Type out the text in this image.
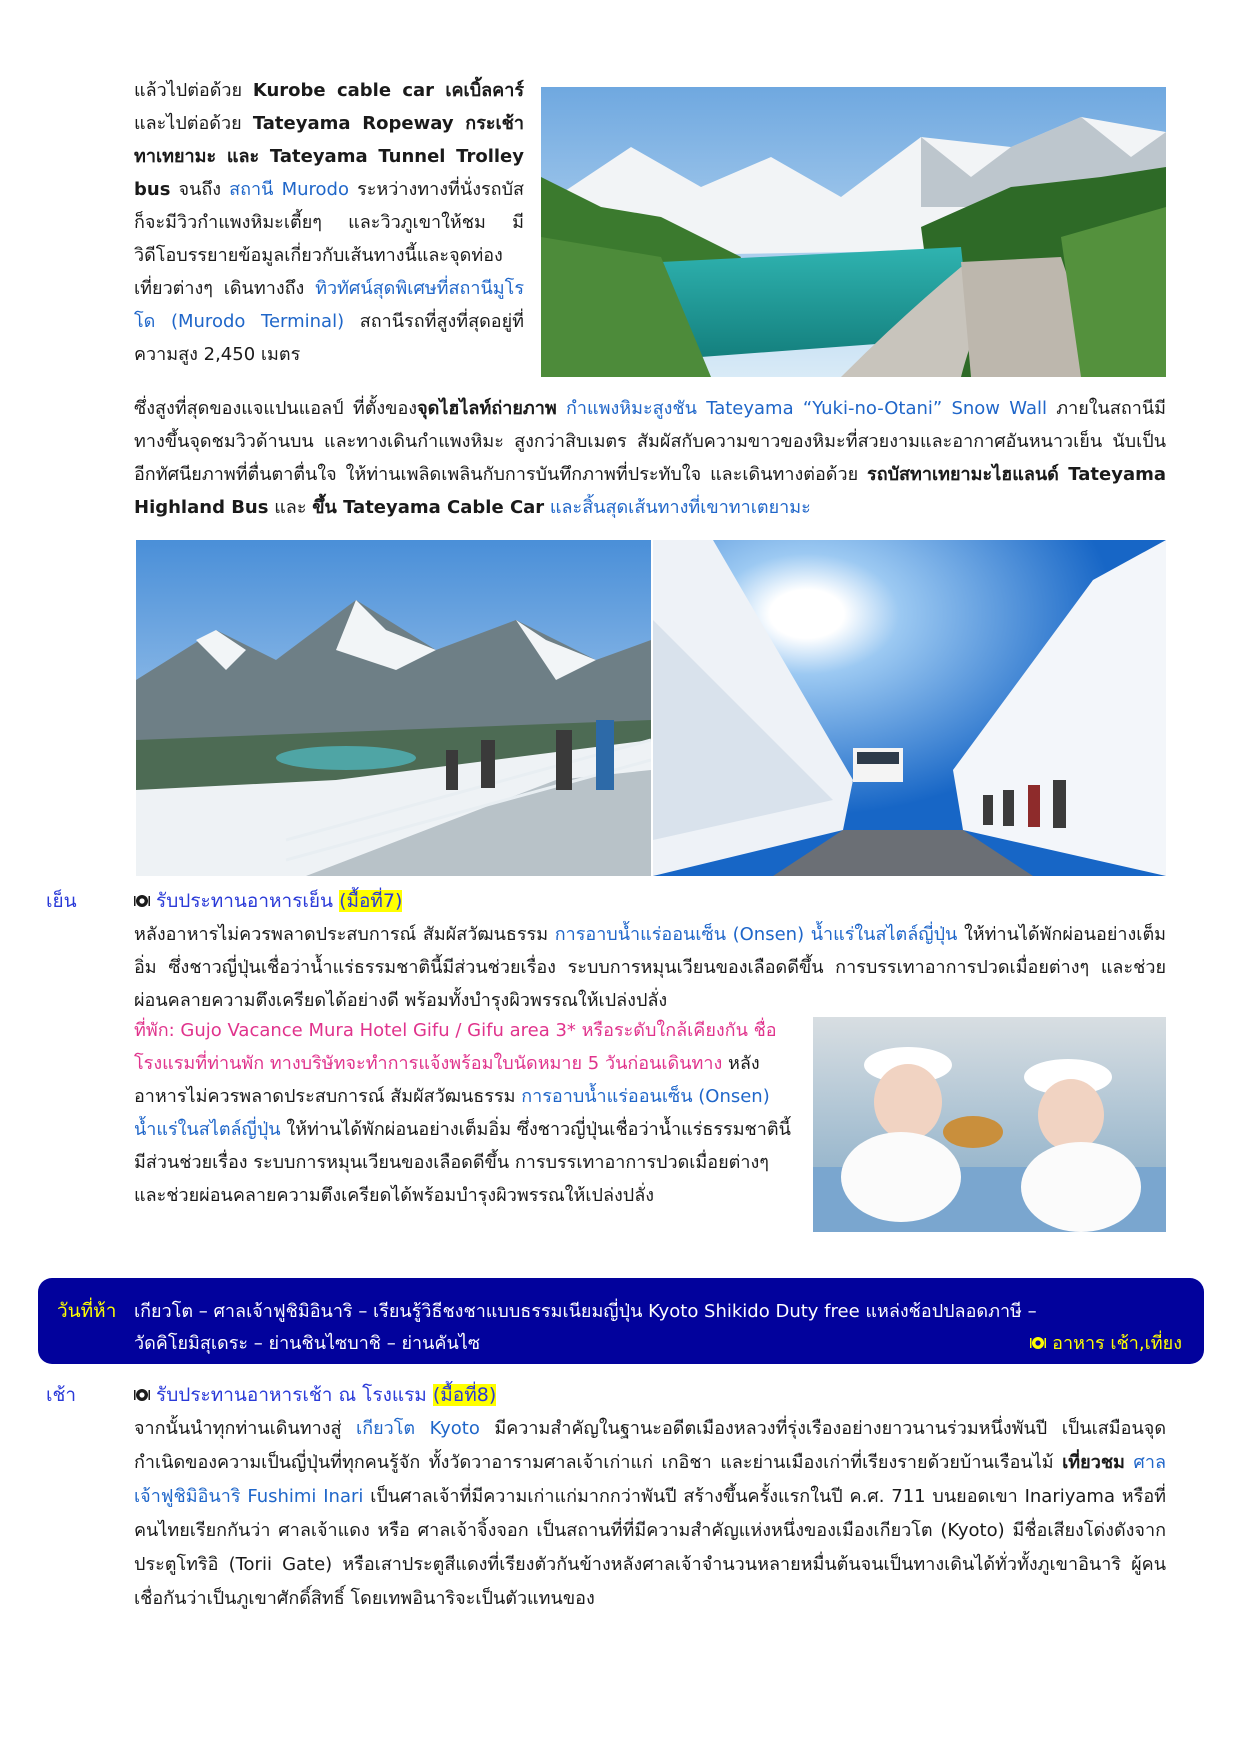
แล้วไปต่อด้วย Kurobe cable car เคเบิ้ลคาร์ และไปต่อด้วย Tateyama Ropeway กระเช้าทาเทยามะ และ Tateyama Tunnel Trolley bus จนถึง สถานี Murodo ระหว่างทางที่นั่งรถบัสก็จะมีวิวกำแพงหิมะเตี้ยๆ และวิวภูเขาให้ชม มีวิดีโอบรรยายข้อมูลเกี่ยวกับเส้นทางนี้และจุดท่องเที่ยวต่างๆ เดินทางถึง ทิวทัศน์สุดพิเศษที่สถานีมูโรโด (Murodo Terminal) สถานีรถที่สูงที่สุดอยู่ที่ความสูง 2,450 เมตร
ซึ่งสูงที่สุดของแจแปนแอลป์ ที่ตั้งของจุดไฮไลท์ถ่ายภาพ กำแพงหิมะสูงชัน Tateyama “Yuki-no-Otani” Snow Wall ภายในสถานีมีทางขึ้นจุดชมวิวด้านบน และทางเดินกำแพงหิมะ สูงกว่าสิบเมตร สัมผัสกับความขาวของหิมะที่สวยงามและอากาศอันหนาวเย็น นับเป็นอีกทัศนียภาพที่ตื่นตาตื่นใจ ให้ท่านเพลิดเพลินกับการบันทึกภาพที่ประทับใจ และเดินทางต่อด้วย รถบัสทาเทยามะไฮแลนด์ Tateyama Highland Bus และ ขึ้น Tateyama Cable Car และสิ้นสุดเส้นทางที่เขาทาเตยามะ
เย็น	รับประทานอาหารเย็น (มื้อที่7)
หลังอาหารไม่ควรพลาดประสบการณ์ สัมผัสวัฒนธรรม การอาบน้ำแร่ออนเซ็น (Onsen) น้ำแร่ในสไตล์ญี่ปุ่น ให้ท่านได้พักผ่อนอย่างเต็มอิ่ม ซึ่งชาวญี่ปุ่นเชื่อว่าน้ำแร่ธรรมชาตินี้มีส่วนช่วยเรื่อง ระบบการหมุนเวียนของเลือดดีขึ้น การบรรเทาอาการปวดเมื่อยต่างๆ และช่วยผ่อนคลายความตึงเครียดได้อย่างดี พร้อมทั้งบำรุงผิวพรรณให้เปล่งปลั่ง
ที่พัก: Gujo Vacance Mura Hotel Gifu / Gifu area 3* หรือระดับใกล้เคียงกัน ชื่อโรงแรมที่ท่านพัก ทางบริษัทจะทำการแจ้งพร้อมใบนัดหมาย 5 วันก่อนเดินทาง หลังอาหารไม่ควรพลาดประสบการณ์ สัมผัสวัฒนธรรม การอาบน้ำแร่ออนเซ็น (Onsen) น้ำแร่ในสไตล์ญี่ปุ่น ให้ท่านได้พักผ่อนอย่างเต็มอิ่ม ซึ่งชาวญี่ปุ่นเชื่อว่าน้ำแร่ธรรมชาตินี้มีส่วนช่วยเรื่อง ระบบการหมุนเวียนของเลือดดีขึ้น การบรรเทาอาการปวดเมื่อยต่างๆ และช่วยผ่อนคลายความตึงเครียดได้พร้อมบำรุงผิวพรรณให้เปล่งปลั่ง
วันที่ห้า เกียวโต – ศาลเจ้าฟูชิมิอินาริ – เรียนรู้วิธีชงชาแบบธรรมเนียมญี่ปุ่น Kyoto Shikido Duty free แหล่งช้อปปลอดภาษี –
วัดคิโยมิสุเดระ – ย่านชินไซบาชิ – ย่านคันไซ	อาหาร เช้า,เที่ยง
เช้า	รับประทานอาหารเช้า ณ โรงแรม (มื้อที่8)
จากนั้นนำทุกท่านเดินทางสู่ เกียวโต Kyoto มีความสำคัญในฐานะอดีตเมืองหลวงที่รุ่งเรืองอย่างยาวนานร่วมหนึ่งพันปี เป็นเสมือนจุดกำเนิดของความเป็นญี่ปุ่นที่ทุกคนรู้จัก ทั้งวัดวาอารามศาลเจ้าเก่าแก่ เกอิชา และย่านเมืองเก่าที่เรียงรายด้วยบ้านเรือนไม้ เที่ยวชม ศาลเจ้าฟูชิมิอินาริ Fushimi Inari เป็นศาลเจ้าที่มีความเก่าแก่มากกว่าพันปี สร้างขึ้นครั้งแรกในปี ค.ศ. 711 บนยอดเขา Inariyama หรือที่คนไทยเรียกกันว่า ศาลเจ้าแดง หรือ ศาลเจ้าจิ้งจอก เป็นสถานที่ที่มีความสำคัญแห่งหนึ่งของเมืองเกียวโต (Kyoto) มีชื่อเสียงโด่งดังจากประตูโทริอิ (Torii Gate) หรือเสาประตูสีแดงที่เรียงตัวกันข้างหลังศาลเจ้าจำนวนหลายหมื่นต้นจนเป็นทางเดินได้ทั่วทั้งภูเขาอินาริ ผู้คนเชื่อกันว่าเป็นภูเขาศักดิ์สิทธิ์ โดยเทพอินาริจะเป็นตัวแทนของ
